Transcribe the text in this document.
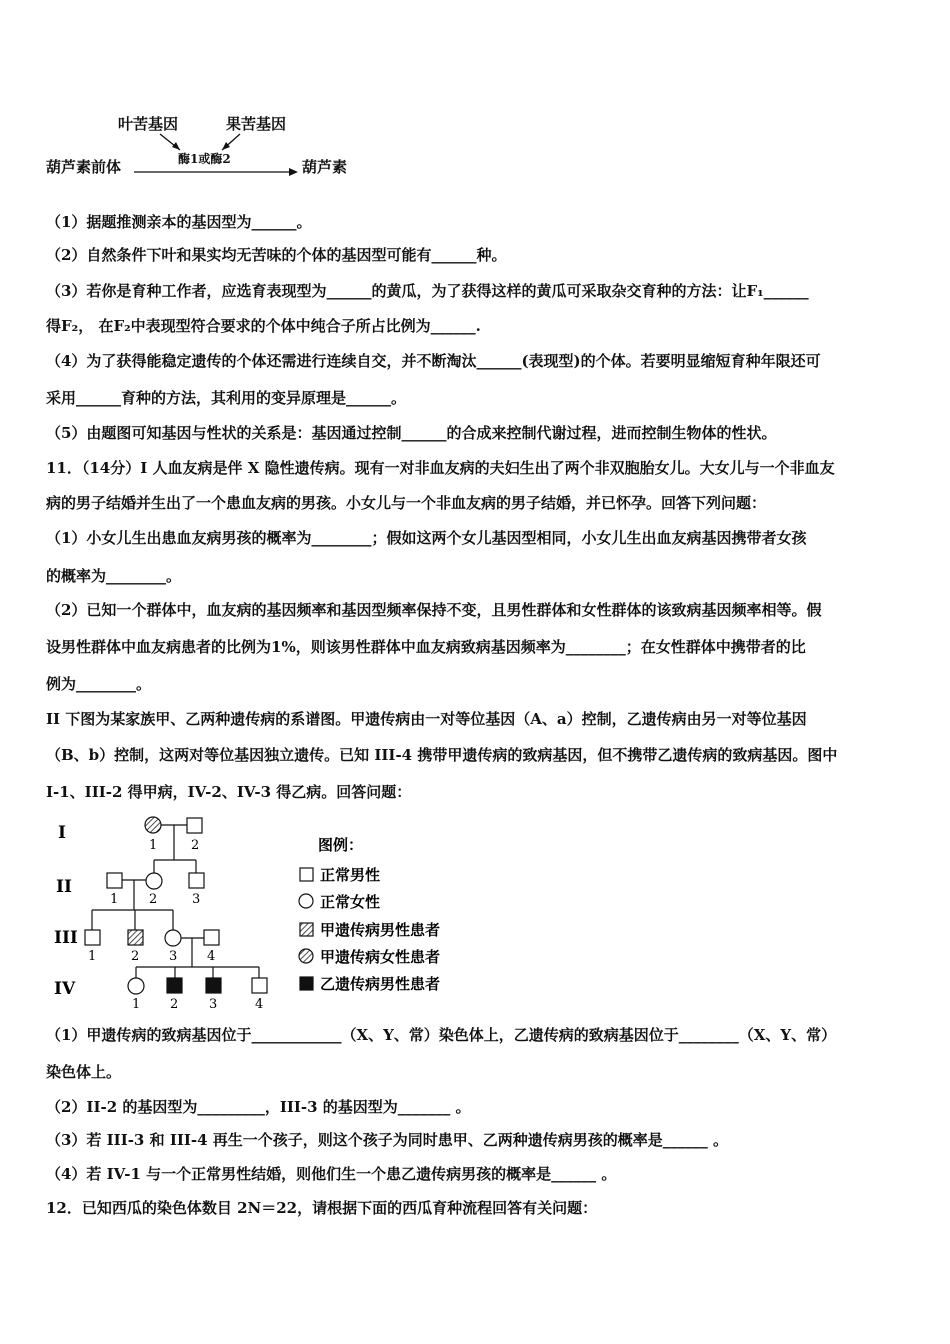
叶苦基因	果苦基因
酶1或酶2
葫芦素前体	葫芦素
（1）据题推测亲本的基因型为______。
（2）自然条件下叶和果实均无苦味的个体的基因型可能有______种。
（3）若你是育种工作者，应选育表现型为______的黄瓜，为了获得这样的黄瓜可采取杂交育种的方法：让F₁______
得F₂， 在F₂中表现型符合要求的个体中纯合子所占比例为______.
（4）为了获得能稳定遗传的个体还需进行连续自交，并不断淘汰______(表现型)的个体。若要明显缩短育种年限还可
采用______育种的方法，其利用的变异原理是______。
（5）由题图可知基因与性状的关系是：基因通过控制______的合成来控制代谢过程，进而控制生物体的性状。
11．（14分）I 人血友病是伴 X 隐性遗传病。现有一对非血友病的夫妇生出了两个非双胞胎女儿。大女儿与一个非血友
病的男子结婚并生出了一个患血友病的男孩。小女儿与一个非血友病的男子结婚，并已怀孕。回答下列问题：
（1）小女儿生出患血友病男孩的概率为________；假如这两个女儿基因型相同，小女儿生出血友病基因携带者女孩
的概率为________。
（2）已知一个群体中，血友病的基因频率和基因型频率保持不变，且男性群体和女性群体的该致病基因频率相等。假
设男性群体中血友病患者的比例为1%，则该男性群体中血友病致病基因频率为________；在女性群体中携带者的比
例为________。
II 下图为某家族甲、乙两种遗传病的系谱图。甲遗传病由一对等位基因（A、a）控制，乙遗传病由另一对等位基因
（B、b）控制，这两对等位基因独立遗传。已知 III-4 携带甲遗传病的致病基因，但不携带乙遗传病的致病基因。图中
I-1、III-2 得甲病，IV-2、IV-3 得乙病。回答问题：
I
II
III
IV
1	2
1 2	3
1	2 3 4
1 2 3	4
图例：
正常男性
正常女性
甲遗传病男性患者
甲遗传病女性患者
乙遗传病男性患者
（1）甲遗传病的致病基因位于____________（X、Y、常）染色体上，乙遗传病的致病基因位于________（X、Y、常）
染色体上。
（2）II-2 的基因型为_________，III-3 的基因型为_______ 。
（3）若 III-3 和 III-4 再生一个孩子，则这个孩子为同时患甲、乙两种遗传病男孩的概率是______ 。
（4）若 IV-1 与一个正常男性结婚，则他们生一个患乙遗传病男孩的概率是______ 。
12．已知西瓜的染色体数目 2N＝22，请根据下面的西瓜育种流程回答有关问题：
